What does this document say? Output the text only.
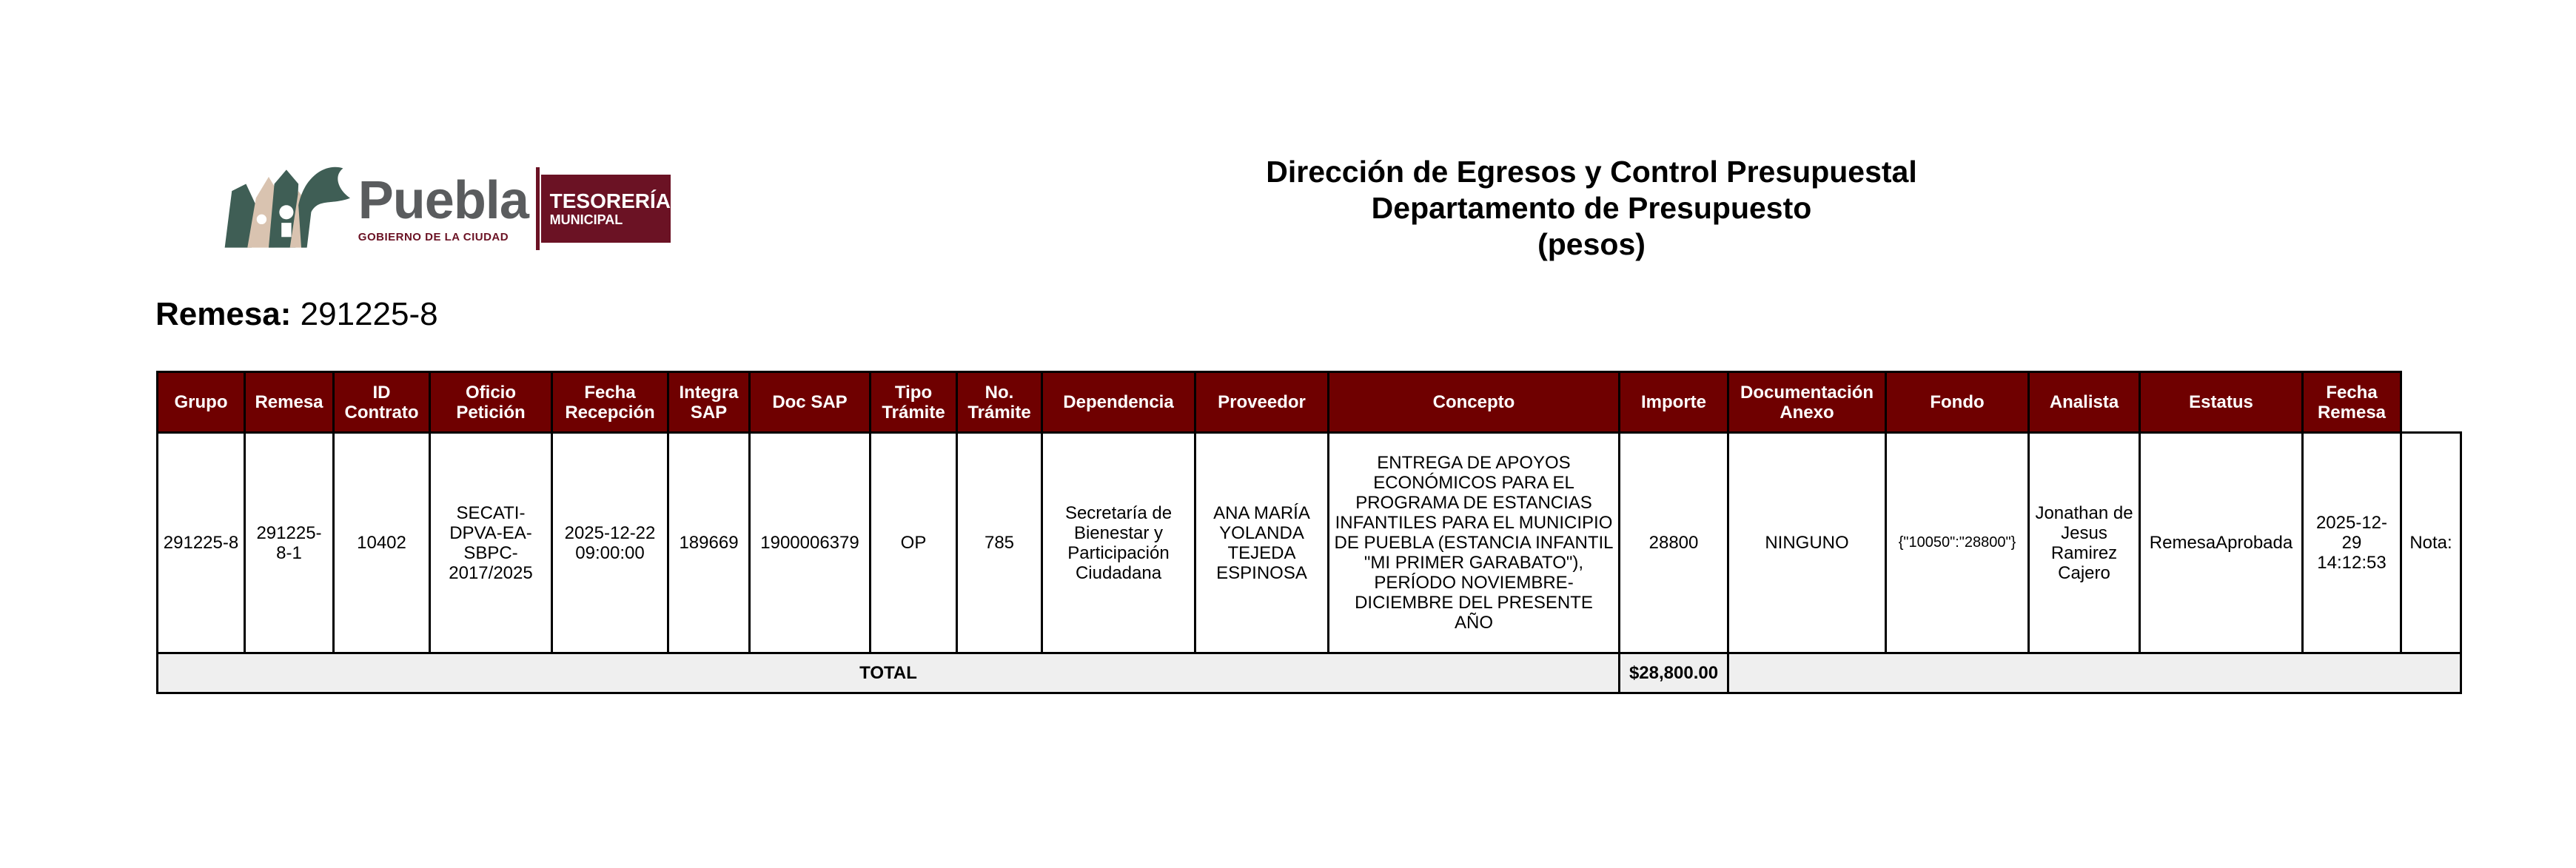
Puebla
GOBIERNO DE LA CIUDAD
TESORERÍA
MUNICIPAL
Dirección de Egresos y Control Presupuestal
Departamento de Presupuesto
(pesos)
Remesa: 291225-8
Grupo	Remesa	ID Contrato	Oficio Petición	Fecha Recepción	Integra SAP	Doc SAP	Tipo Trámite	No. Trámite	Dependencia	Proveedor	Concepto	Importe	Documentación Anexo	Fondo	Analista	Estatus	Fecha Remesa	
291225-8	291225-8-1	10402	SECATI-DPVA-EA-SBPC-2017/2025	2025-12-22 09:00:00	189669	1900006379	OP	785	Secretaría de Bienestar y Participación Ciudadana	ANA MARÍA YOLANDA TEJEDA ESPINOSA	ENTREGA DE APOYOS ECONÓMICOS PARA EL PROGRAMA DE ESTANCIAS INFANTILES PARA EL MUNICIPIO DE PUEBLA (ESTANCIA INFANTIL "MI PRIMER GARABATO"), PERÍODO NOVIEMBRE-DICIEMBRE DEL PRESENTE AÑO	28800	NINGUNO	{"10050":"28800"}	Jonathan de Jesus Ramirez Cajero	RemesaAprobada	2025-12-29 14:12:53	Nota:
TOTAL												$28,800.00						
